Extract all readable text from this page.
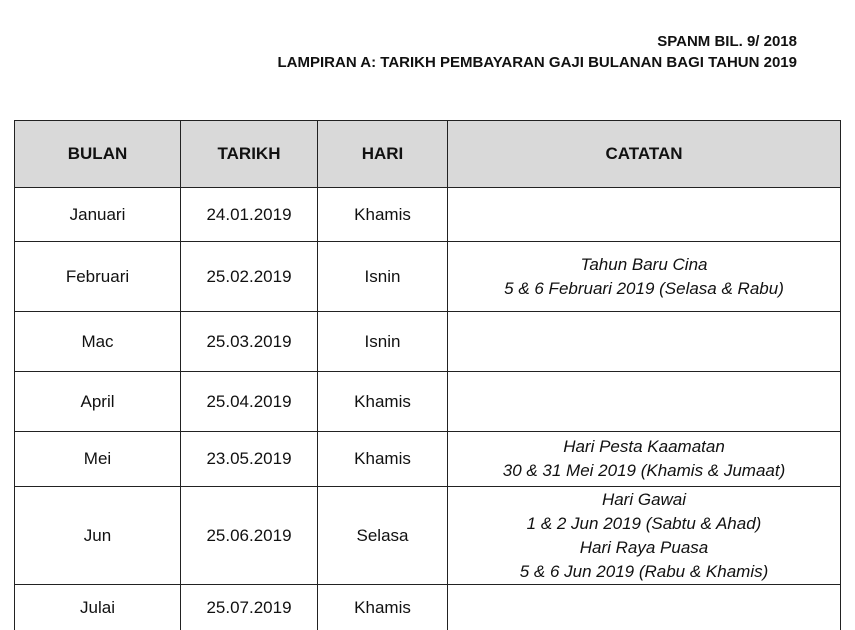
SPANM BIL. 9/ 2018
LAMPIRAN A: TARIKH PEMBAYARAN GAJI BULANAN BAGI TAHUN 2019
BULAN	TARIKH	HARI	CATATAN
Januari	24.01.2019	Khamis	
Februari	25.02.2019	Isnin	Tahun Baru Cina
5 & 6 Februari 2019 (Selasa & Rabu)

Mac	25.03.2019	Isnin	
April	25.04.2019	Khamis	
Mei	23.05.2019	Khamis	Hari Pesta Kaamatan
30 & 31 Mei 2019 (Khamis & Jumaat)

Jun	25.06.2019	Selasa	Hari Gawai
1 & 2 Jun 2019 (Sabtu & Ahad)
Hari Raya Puasa
5 & 6 Jun 2019 (Rabu & Khamis)

Julai	25.07.2019	Khamis	
